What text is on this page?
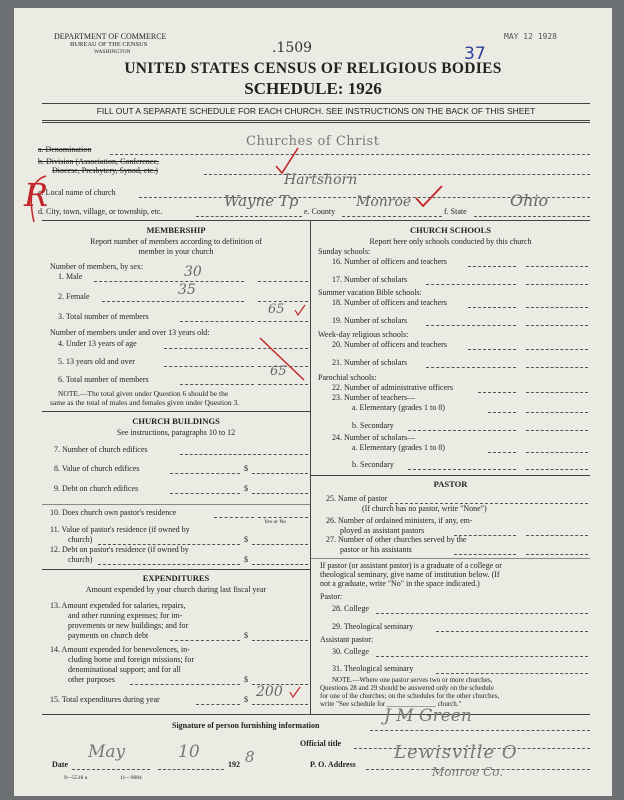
DEPARTMENT OF COMMERCE
BUREAU OF THE CENSUS
WASHINGTON	.1509
MAY 12 1928
37
UNITED STATES CENSUS OF RELIGIOUS BODIES
SCHEDULE: 1926
FILL OUT A SEPARATE SCHEDULE FOR EACH CHURCH. SEE INSTRUCTIONS ON THE BACK OF THIS SHEET
a. Denomination
Churches of Christ
b. Division (Association, Conference,
Diocese, Presbytery, Synod, etc.)
c. Local name of church
Hartshorn
d. City, town, village, or township, etc.
Wayne Tp
e. County
Monroe
f. State
Ohio
R
MEMBERSHIP
Report number of members according to definition of
member in your church
Number of members, by sex:
1. Male	30
2. Female	35
3. Total number of members	65
Number of members under and over 13 years old:
4. Under 13 years of age
5. 13 years old and over
6. Total number of members
65
NOTE.—The total given under Question 6 should be the
same as the total of males and females given under Question 3.
CHURCH BUILDINGS
See instructions, paragraphs 10 to 12
7. Number of church edifices
8. Value of church edifices	$
9. Debt on church edifices	$
10. Does church own pastor's residence
Yes or No
11. Value of pastor's residence (if owned by
church)	$
12. Debt on pastor's residence (if owned by
church)	$
EXPENDITURES
Amount expended by your church during last fiscal year
13. Amount expended for salaries, repairs,
and other running expenses; for im-
provements or new buildings; and for
payments on church debt	$
14. Amount expended for benevolences, in-
cluding home and foreign missions; for
denominational support; and for all
other purposes	$
15. Total expenditures during year	$ 200
CHURCH SCHOOLS
Report here only schools conducted by this church
Sunday schools:
16. Number of officers and teachers
17. Number of scholars
Summer vacation Bible schools:
18. Number of officers and teachers
19. Number of scholars
Week-day religious schools:
20. Number of officers and teachers
21. Number of scholars
Parochial schools:
22. Number of administrative officers
23. Number of teachers—
a. Elementary (grades 1 to 8)
b. Secondary
24. Number of scholars—
a. Elementary (grades 1 to 8)
b. Secondary
PASTOR
25. Name of pastor
(If church has no pastor, write "None")
26. Number of ordained ministers, if any, em-
ployed as assistant pastors
27. Number of other churches served by the
pastor or his assistants
If pastor (or assistant pastor) is a graduate of a college or
theological seminary, give name of institution below. (If
not a graduate, write "No" in the space indicated.)
Pastor:
28. College
29. Theological seminary
Assistant pastor:
30. College
31. Theological seminary
NOTE.—Where one pastor serves two or more churches,
Questions 28 and 29 should be answered only on the schedule
for one of the churches; on the schedules for the other churches,
write "See schedule for ______________ church."
Signature of person furnishing information	J M Green
Official title
Date
May	10
192 8	P. O. Address
Lewisville O
Monroe Co.
9—5518 a	11—9084
